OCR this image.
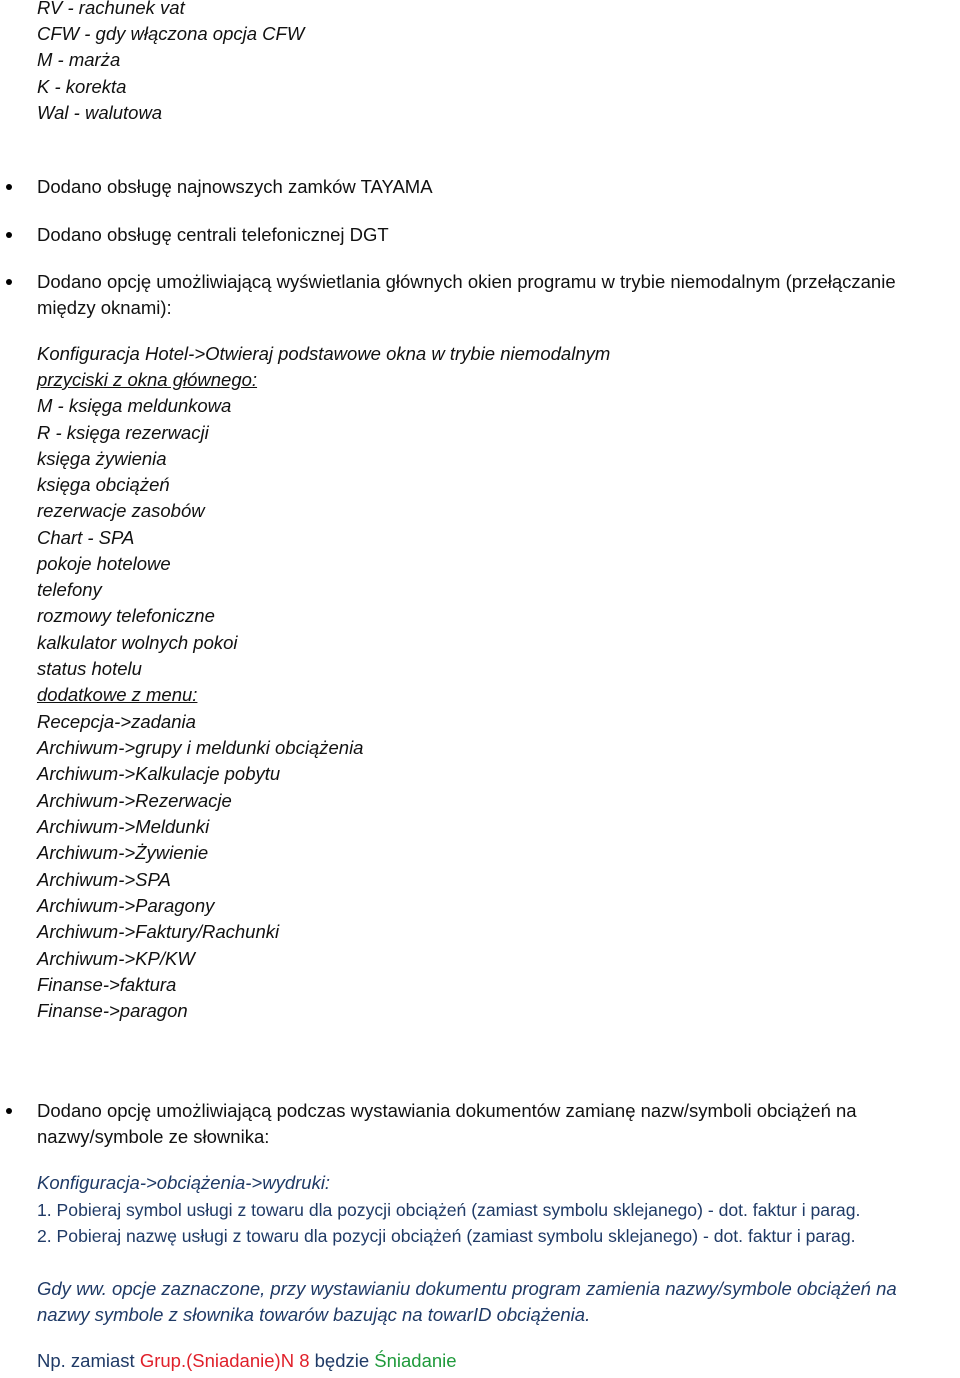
RV - rachunek vat
CFW - gdy włączona opcja CFW
M - marża
K - korekta
Wal - walutowa
Dodano obsługę najnowszych zamków TAYAMA
Dodano obsługę centrali telefonicznej DGT
Dodano opcję umożliwiającą wyświetlania głównych okien programu w trybie niemodalnym (przełączanie
między oknami):
Konfiguracja Hotel->Otwieraj podstawowe okna w trybie niemodalnym
przyciski z okna głównego:
M - księga meldunkowa
R - księga rezerwacji
księga żywienia
księga obciążeń
rezerwacje zasobów
Chart - SPA
pokoje hotelowe
telefony
rozmowy telefoniczne
kalkulator wolnych pokoi
status hotelu
dodatkowe z menu:
Recepcja->zadania
Archiwum->grupy i meldunki obciążenia
Archiwum->Kalkulacje pobytu
Archiwum->Rezerwacje
Archiwum->Meldunki
Archiwum->Żywienie
Archiwum->SPA
Archiwum->Paragony
Archiwum->Faktury/Rachunki
Archiwum->KP/KW
Finanse->faktura
Finanse->paragon
Dodano opcję umożliwiającą podczas wystawiania dokumentów zamianę nazw/symboli obciążeń na
nazwy/symbole ze słownika:
Konfiguracja->obciążenia->wydruki:
1. Pobieraj symbol usługi z towaru dla pozycji obciążeń (zamiast symbolu sklejanego) - dot. faktur i parag.
2. Pobieraj nazwę usługi z towaru dla pozycji obciążeń (zamiast symbolu sklejanego) - dot. faktur i parag.
Gdy ww. opcje zaznaczone, przy wystawianiu dokumentu program zamienia nazwy/symbole obciążeń na
nazwy symbole z słownika towarów bazując na towarID obciążenia.
Np. zamiast Grup.(Sniadanie)N 8 będzie Śniadanie
